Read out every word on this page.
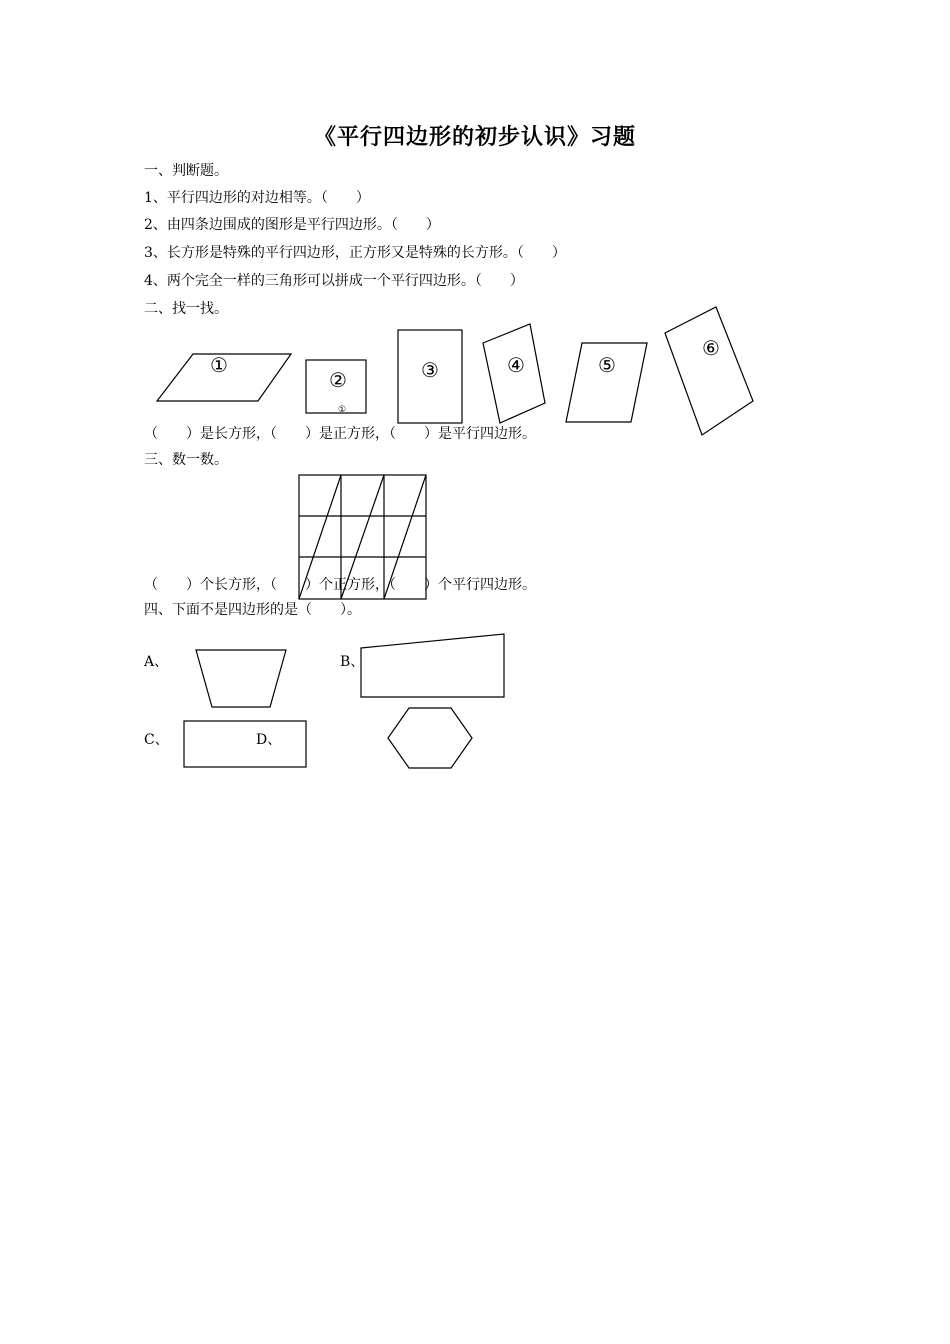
《平行四边形的初步认识》习题
一、判断题。
1、平行四边形的对边相等。（　　）
2、由四条边围成的图形是平行四边形。（　　）
3、长方形是特殊的平行四边形，正方形又是特殊的长方形。（　　）
4、两个完全一样的三角形可以拼成一个平行四边形。（　　）
二、找一找。
①
②
①
③	④	⑤
⑥
（　　）是长方形，（　　）是正方形，（　　）是平行四边形。
三、数一数。
（　　）个长方形，（　　）个正方形，（　　）个平行四边形。
四、下面不是四边形的是（　　）。
A、	B、
C、	D、
